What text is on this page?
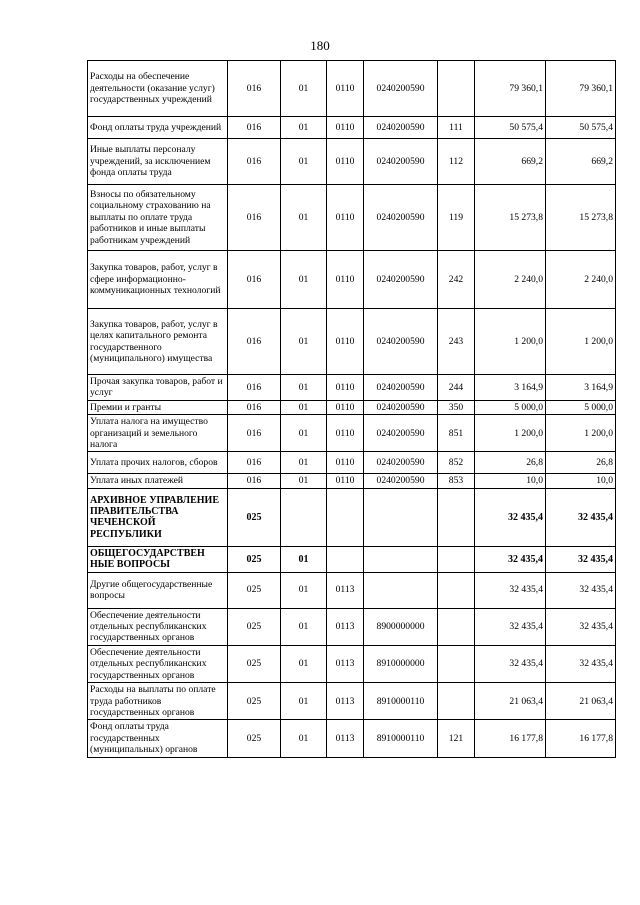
180
Расходы на обеспечение деятельности (оказание услуг) государственных учреждений	016	01	0110	0240200590		79 360,1	79 360,1
Фонд оплаты труда учреждений	016	01	0110	0240200590	111	50 575,4	50 575,4
Иные выплаты персоналу учреждений, за исключением фонда оплаты труда	016	01	0110	0240200590	112	669,2	669,2
Взносы по обязательному социальному страхованию на выплаты по оплате труда работников и иные выплаты работникам учреждений	016	01	0110	0240200590	119	15 273,8	15 273,8
Закупка товаров, работ, услуг в сфере информационно-коммуникационных технологий	016	01	0110	0240200590	242	2 240,0	2 240,0
Закупка товаров, работ, услуг в целях капитального ремонта государственного (муниципального) имущества	016	01	0110	0240200590	243	1 200,0	1 200,0
Прочая закупка товаров, работ и услуг	016	01	0110	0240200590	244	3 164,9	3 164,9
Премии и гранты	016	01	0110	0240200590	350	5 000,0	5 000,0
Уплата налога на имущество организаций и земельного налога	016	01	0110	0240200590	851	1 200,0	1 200,0
Уплата прочих налогов, сборов	016	01	0110	0240200590	852	26,8	26,8
Уплата иных платежей	016	01	0110	0240200590	853	10,0	10,0
АРХИВНОЕ УПРАВЛЕНИЕ ПРАВИТЕЛЬСТВА ЧЕЧЕНСКОЙ РЕСПУБЛИКИ	025					32 435,4	32 435,4
ОБЩЕГОСУДАРСТВЕН НЫЕ ВОПРОСЫ	025	01				32 435,4	32 435,4
Другие общегосударственные вопросы	025	01	0113			32 435,4	32 435,4
Обеспечение деятельности отдельных республиканских государственных органов	025	01	0113	8900000000		32 435,4	32 435,4
Обеспечение деятельности отдельных республиканских государственных органов	025	01	0113	8910000000		32 435,4	32 435,4
Расходы на выплаты по оплате труда работников государственных органов	025	01	0113	8910000110		21 063,4	21 063,4
Фонд оплаты труда государственных (муниципальных) органов	025	01	0113	8910000110	121	16 177,8	16 177,8
